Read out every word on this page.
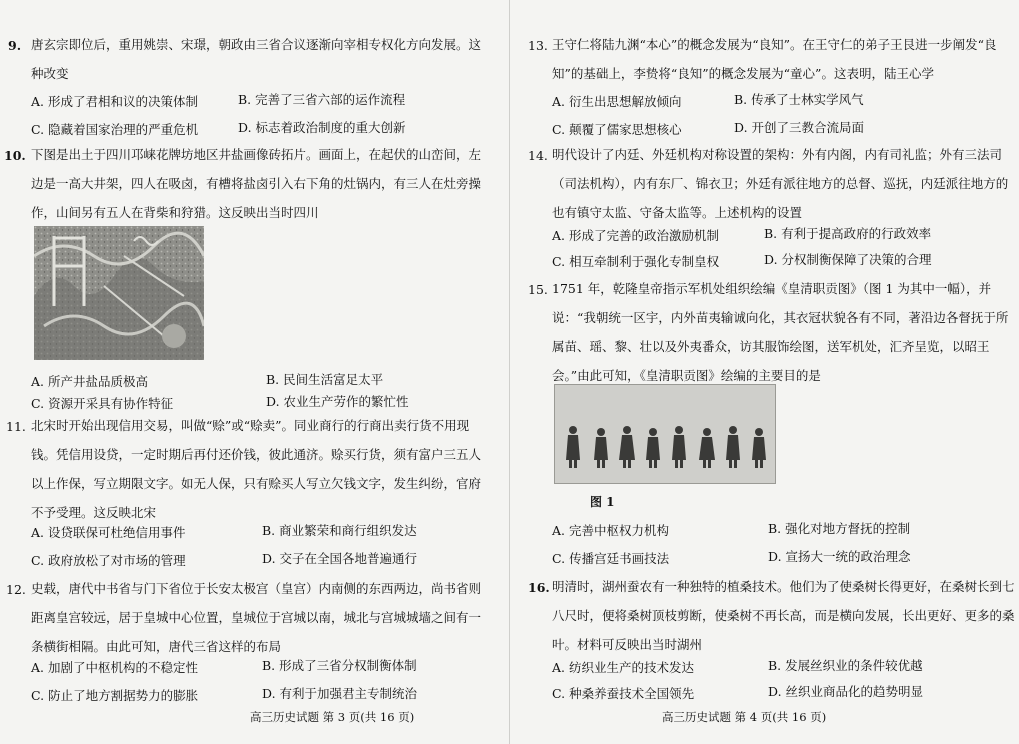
9. 唐玄宗即位后，重用姚崇、宋璟，朝政由三省合议逐渐向宰相专权化方向发展。这种改变
A. 形成了君相和议的决策体制	B. 完善了三省六部的运作流程
C. 隐藏着国家治理的严重危机	D. 标志着政治制度的重大创新
10. 下图是出土于四川邛崃花牌坊地区井盐画像砖拓片。画面上，在起伏的山峦间，左边是一高大井架，四人在吸卤，有槽将盐卤引入右下角的灶锅内，有三人在灶旁操作，山间另有五人在背柴和狩猎。这反映出当时四川
A. 所产井盐品质极高	B. 民间生活富足太平
C. 资源开采具有协作特征	D. 农业生产劳作的繁忙性
11. 北宋时开始出现信用交易，叫做“赊”或“赊卖”。同业商行的行商出卖行货不用现钱。凭信用设贷，一定时期后再付还价钱，彼此通济。赊买行货，须有富户三五人以上作保，写立期限文字。如无人保，只有赊买人写立欠钱文字，发生纠纷，官府不予受理。这反映北宋
A. 设贷联保可杜绝信用事件	B. 商业繁荣和商行组织发达
C. 政府放松了对市场的管理	D. 交子在全国各地普遍通行
12. 史载，唐代中书省与门下省位于长安太极宫（皇宫）内南侧的东西两边，尚书省则距离皇宫较远，居于皇城中心位置，皇城位于宫城以南，城北与宫城城墙之间有一条横街相隔。由此可知，唐代三省这样的布局
A. 加剧了中枢机构的不稳定性	B. 形成了三省分权制衡体制
C. 防止了地方割据势力的膨胀	D. 有利于加强君主专制统治
高三历史试题 第 3 页(共 16 页)
13. 王守仁将陆九渊“本心”的概念发展为“良知”。在王守仁的弟子王艮进一步阐发“良知”的基础上，李贽将“良知”的概念发展为“童心”。这表明，陆王心学
A. 衍生出思想解放倾向	B. 传承了士林实学风气
C. 颠覆了儒家思想核心	D. 开创了三教合流局面
14. 明代设计了内廷、外廷机构对称设置的架构：外有内阁，内有司礼监；外有三法司（司法机构），内有东厂、锦衣卫；外廷有派往地方的总督、巡抚，内廷派往地方的也有镇守太监、守备太监等。上述机构的设置
A. 形成了完善的政治激励机制	B. 有利于提高政府的行政效率
C. 相互牵制利于强化专制皇权	D. 分权制衡保障了决策的合理
15. 1751 年，乾隆皇帝指示军机处组织绘编《皇清职贡图》（图 1 为其中一幅），并说：“我朝统一区宇，内外苗夷输诚向化，其衣冠状貌各有不同，著沿边各督抚于所属苗、瑶、黎、壮以及外夷番众，访其服饰绘图，送军机处，汇齐呈览，以昭王会。”由此可知，《皇清职贡图》绘编的主要目的是
图 1
A. 完善中枢权力机构	B. 强化对地方督抚的控制
C. 传播宫廷书画技法	D. 宣扬大一统的政治理念
16. 明清时，湖州蚕农有一种独特的植桑技术。他们为了使桑树长得更好，在桑树长到七八尺时，便将桑树顶枝剪断，使桑树不再长高，而是横向发展，长出更好、更多的桑叶。材料可反映出当时湖州
A. 纺织业生产的技术发达	B. 发展丝织业的条件较优越
C. 种桑养蚕技术全国领先	D. 丝织业商品化的趋势明显
高三历史试题 第 4 页(共 16 页)
